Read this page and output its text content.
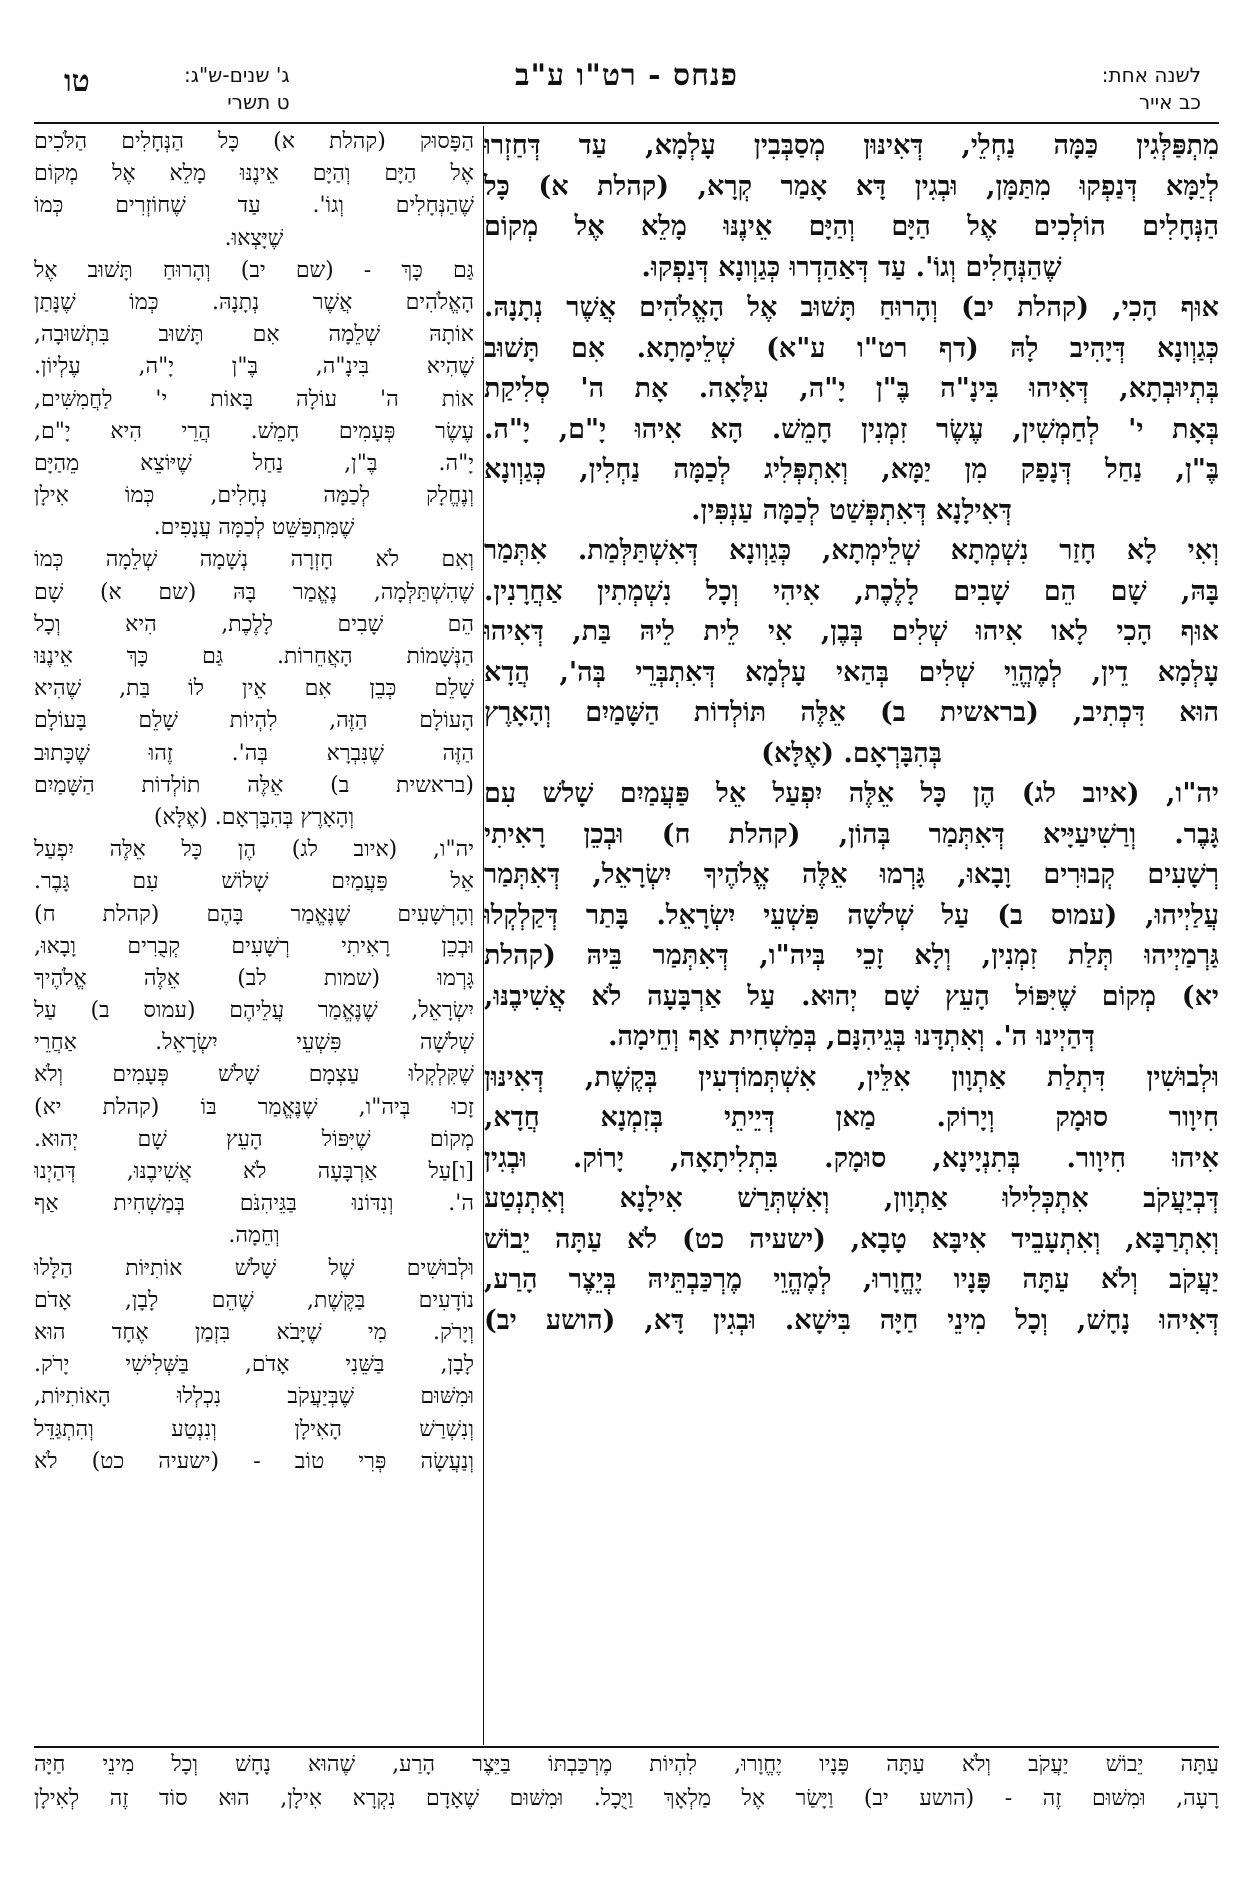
לשנה אחת:
כב אייר
פנחס - רט"ו ע"ב
ג' שנים-ש"ג:
ט תשרי
טו
מִתְפַּלְּגִין כַּמָּה נַחְלֵי, דְּאִינּוּן מְסַבְּבִין עָלְמָא, עַד דְּחַזְרוּ
לְיַמָּא דְּנַפְקוּ מִתַּמָּן, וּבְגִין דָּא אָמַר קְרָא, (קהלת א) כָּל
הַנְּחָלִים הוֹלְכִים אֶל הַיָּם וְהַיָּם אֵינֶנּוּ מָלֵא אֶל מְקוֹם
שֶׁהַנְּחָלִים וְגוֹ'. עַד דְּאַהַדְרוּ כְּגַוְונָא דְּנַפְקוּ.
אוּף הָכִי, (קהלת יב) וְהָרוּחַ תָּשׁוּב אֶל הָאֱלֹהִים אֲשֶׁר נְתָנָהּ.
כְּגַוְונָא דְּיָהִיב לָהּ (דף רט"ו ע"א) שְׁלֵימָתָא. אִם תָּשׁוּב
בְּתְיוּבְתָא, דְּאִיהוּ בִּינָ"ה בֶּ"ן יָ"ה, עִלָּאָה. אָת ה' סְלִיקַת
בְּאָת י' לְחַמְשִׁין, עֶשֶׂר זִמְנִין חָמֵשׁ. הָא אִיהוּ יָ"ם, יָ"ה.
בֶּ"ן, נַחַל דְּנָפַק מִן יַמָּא, וְאִתְפְּלִיג לְכַמָּה נַחְלִין, כְּגַוְונָא
דְּאִילָנָא דְּאִתְפְּשַׁט לְכַמָּה עַנְפִּין.
וְאִי לָא חָזַר נִשְׁמְתָא שְׁלֵימְתָא, כְּגַוְונָא דְּאִשְׁתַּלְּמַת. אִתְּמַר
בָּהּ, שָׁם הֵם שָׁבִים לָלֶכֶת, אִיהִי וְכָל נִשְׁמְתִין אַחֲרָנִין.
אוּף הָכִי לָאו אִיהוּ שְׁלִים בְּבֶן, אִי לֵית לֵיהּ בַּת, דְּאִיהוּ
עָלְמָא דֵין, לְמֶהֱוֵי שְׁלִים בְּהַאי עָלְמָא דְּאִתְבְּרֵי בְּה', הֲדָא
הוּא דִּכְתִיב, (בראשית ב) אֵלֶּה תּוֹלְדוֹת הַשָּׁמַיִם וְהָאָרֶץ
בְּהִבָּרְאָם. (אֶלָּא)
יה"ו, (איוב לג) הֶן כָּל אֵלֶּה יִפְעַל אֵל פַּעֲמַיִם שָׁלשׁ עִם
גָּבֶר. וְרַשִׁיעַיָּיא דְּאִתְּמַר בְּהוֹן, (קהלת ח) וּבְכֵן רָאִיתִי
רְשָׁעִים קְבוּרִים וָבָאוּ, גָּרְמוּ אֵלֶּה אֱלֹהֶיךָ יִשְׂרָאֵל, דְּאִתְּמַר
עֲלַיְיהוּ, (עמוס ב) עַל שְׁלשָׁה פִּשְׁעֵי יִשְׂרָאֵל. בָּתַר דְּקַלְקְלוּ
גַּרְמַיְיהוּ תְּלַת זִמְנִין, וְלָא זָכֵי בְּיה"ו, דְּאִתְּמַר בֵּיהּ (קהלת
יא) מְקוֹם שֶׁיִּפּוֹל הָעֵץ שָׁם יְהוּא. עַל אַרְבָּעָה לֹא אֲשִׁיבֶנּוּ,
דְּהַיְינוּ ה'. וְאִתְדָּנוּ בְּגֵיהִנָּם, בְּמַשְׁחִית אַף וְחֵימָה.
וּלְבוּשִׁין דִּתְלַת אַתְוָון אִלֵּין, אִשְׁתְּמוֹדְעִין בְּקֶשֶׁת, דְּאִינּוּן
חִיוָור סוּמָק וְיָרוֹק. מַאן דְּיֵיתֵי בְּזִמְנָא חֲדָא,
אִיהוּ חִיוָור. בְּתִנְיָינָא, סוּמָק. בִּתְלִיתָאָה, יָרוֹק. וּבְגִין
דְּבְיַעֲקֹב אִתְכְּלִילוּ אַתְוָון, וְאִשְׁתְּרַשׁ אִילָנָא וְאִתְנְטַע
וְאִתְרַבָּא, וְאִתְעָבֵיד אִיבָּא טָבָא, (ישעיה כט) לֹא עַתָּה יֵבוֹשׁ
יַעֲקֹב וְלֹא עַתָּה פָּנָיו יֶחֱוָרוּ, לְמֶהֱוֵי מֶרְכַּבְתֵּיהּ בְּיֵצֶר הָרַע,
דְּאִיהוּ נָחָשׁ, וְכָל מִינֵי חַיָּה בִּישָׁא. וּבְגִין דָּא, (הושע יב)
הַפָּסוּק (קהלת א) כָּל הַנְּחָלִים הַלֹּכִים
אֶל הַיָּם וְהַיָּם אֵינֶנּוּ מָלֵא אֶל מְקוֹם
שֶׁהַנְּחָלִים וְגוֹ'. עַד שֶׁחוֹזְרִים כְּמוֹ
שֶׁיָּצְאוּ.
גַּם כָּךְ - (שם יב) וְהָרוּחַ תָּשׁוּב אֶל
הָאֱלֹהִים אֲשֶׁר נְתָנָהּ. כְּמוֹ שֶׁנָּתַן
אוֹתָהּ שְׁלֵמָה אִם תָּשׁוּב בִּתְשׁוּבָה,
שֶׁהִיא בִּינָ"ה, בֶּ"ן יָ"ה, עֶלְיוֹן.
אוֹת ה' עוֹלָה בָּאוֹת י' לַחֲמִשִּׁים,
עֶשֶׂר פְּעָמִים חָמֵשׁ. הֲרֵי הִיא יָ"ם,
יָ"ה. בֶּ"ן, נַחַל שֶׁיּוֹצֵא מֵהַיָּם
וְנֶחֱלָק לְכַמָּה נְחָלִים, כְּמוֹ אִילָן
שֶׁמִּתְפַּשֵּׁט לְכַמָּה עֲנָפִים.
וְאִם לֹא חָזְרָה נְשָׁמָה שְׁלֵמָה כְּמוֹ
שֶׁהִשְׁתַּלְּמָה, נֶאֱמַר בָּהּ (שם א) שָׁם
הֵם שָׁבִים לָלֶכֶת, הִיא וְכָל
הַנְּשָׁמוֹת הָאֲחֵרוֹת. גַּם כָּךְ אֵינֶנּוּ
שָׁלֵם כְּבֵן אִם אֵין לוֹ בַּת, שֶׁהִיא
הָעוֹלָם הַזֶּה, לִהְיוֹת שָׁלֵם בָּעוֹלָם
הַזֶּה שֶׁנִּבְרָא בְּה'. זֶהוּ שֶׁכָּתוּב
(בראשית ב) אֵלֶּה תוֹלְדוֹת הַשָּׁמַיִם
וְהָאָרֶץ בְּהִבָּרְאָם. (אֶלָּא)
יה"ו, (איוב לג) הֶן כָּל אֵלֶּה יִפְעַל
אֵל פַּעֲמַיִם שָׁלוֹשׁ עִם גָּבֶר.
וְהָרְשָׁעִים שֶׁנֶּאֱמַר בָּהֶם (קהלת ח)
וּבְכֵן רָאִיתִי רְשָׁעִים קְבֻרִים וָבָאוּ,
גָּרְמוּ (שמות לב) אֵלֶּה אֱלֹהֶיךָ
יִשְׂרָאֵל, שֶׁנֶּאֱמַר עֲלֵיהֶם (עמוס ב) עַל
שְׁלֹשָׁה פִּשְׁעֵי יִשְׂרָאֵל. אַחֲרֵי
שֶׁקִּלְקְלוּ עַצְמָם שָׁלֹשׁ פְּעָמִים וְלֹא
זָכוּ בְּיה"ו, שֶׁנֶּאֱמַר בּוֹ (קהלת יא)
מְקוֹם שֶׁיִּפּוֹל הָעֵץ שָׁם יְהוּא.
[ו]עַל אַרְבָּעָה לֹא אֲשִׁיבֶנּוּ, דְּהַיְנוּ
ה'. וְנִדּוֹנוּ בַּגֵּיהִנֹּם בְּמַשְׁחִית אַף
וְחֵמָה.
וּלְבוּשִׁים שֶׁל שָׁלֹשׁ אוֹתִיּוֹת הַלָּלוּ
נוֹדָעִים בַּקֶּשֶׁת, שֶׁהֵם לָבָן, אָדֹם
וְיָרֹק. מִי שֶׁיָּבֹא בִּזְמַן אֶחָד הוּא
לָבָן, בַּשֵּׁנִי אָדֹם, בַּשְּׁלִישִׁי יָרֹק.
וּמִשּׁוּם שֶׁבְּיַעֲקֹב נִכְלְלוּ הָאוֹתִיּוֹת,
וְנִשְׁרַשׁ הָאִילָן וְנִנְטַע וְהִתְגַּדֵּל
וְנַעֲשָׂה פְּרִי טוֹב - (ישעיה כט) לֹא
עַתָּה יֵבוֹשׁ יַעֲקֹב וְלֹא עַתָּה פָּנָיו יֶחֱוָרוּ, לִהְיוֹת מֶרְכַּבְתּוֹ בַּיֵּצֶר הָרַע, שֶׁהוּא נָחָשׁ וְכָל מִינֵי חַיָּה
רָעָה, וּמִשּׁוּם זֶה - (הושע יב) וַיָּשַׂר אֶל מַלְאָךְ וַיֻּכָל. וּמִשּׁוּם שֶׁאָדָם נִקְרָא אִילָן, הוּא סוֹד זֶה לְאִילָן
